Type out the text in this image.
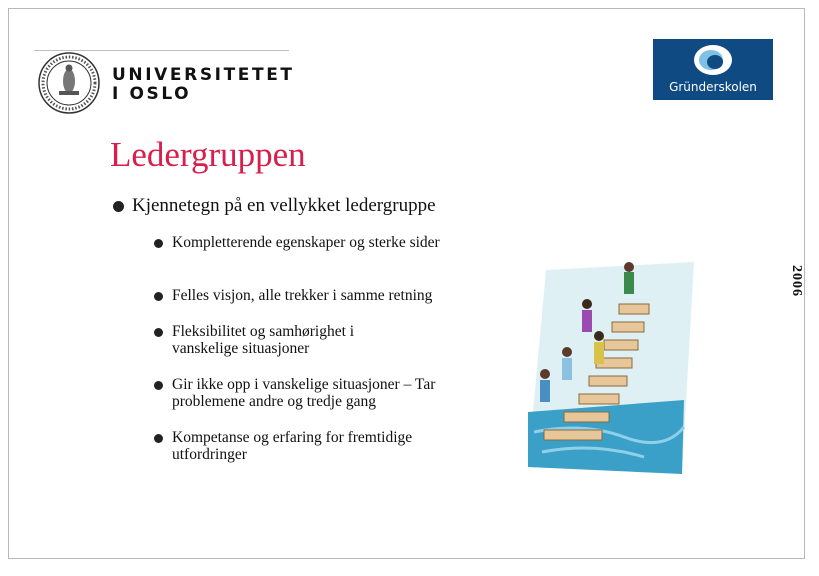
UNIVERSITETET
I OSLO	Gründerskolen
Ledergruppen
Kjennetegn på en vellykket ledergruppe
Kompletterende egenskaper og sterke sider
Felles visjon, alle trekker i samme retning
Fleksibilitet og samhørighet i vanskelige situasjoner
Gir ikke opp i vanskelige situasjoner – Tar problemene andre og tredje gang
Kompetanse og erfaring for fremtidige utfordringer
2006
